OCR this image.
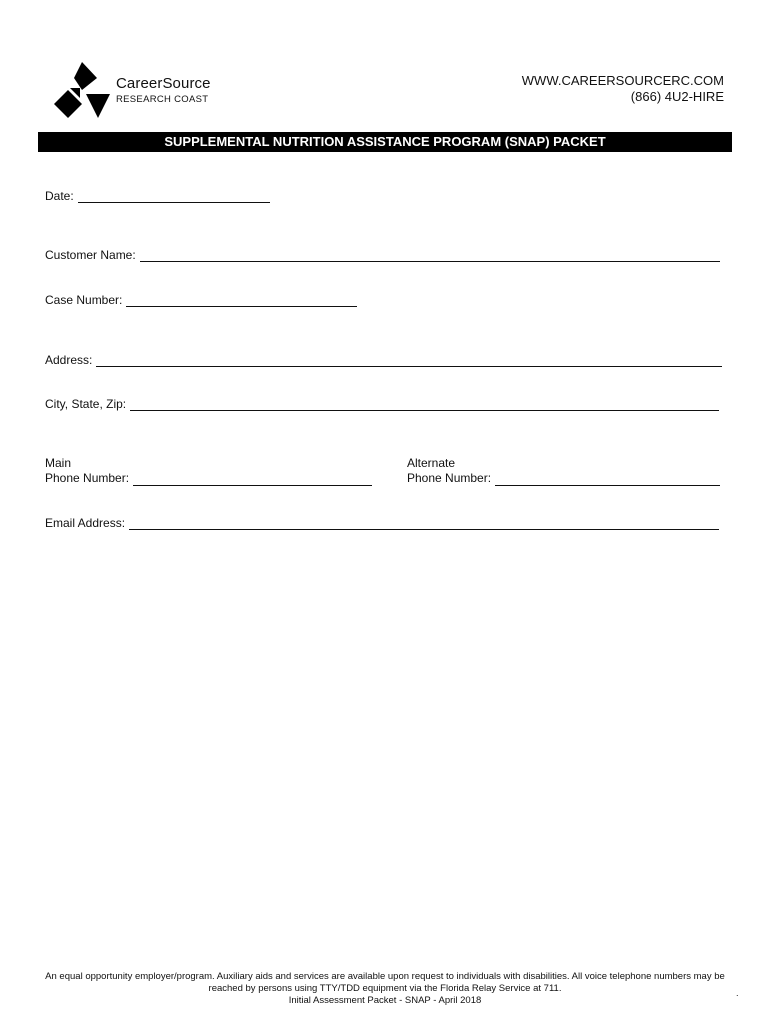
CareerSource
RESEARCH COAST
WWW.CAREERSOURCERC.COM
(866) 4U2-HIRE
SUPPLEMENTAL NUTRITION ASSISTANCE PROGRAM (SNAP) PACKET
Date:
Customer Name:
Case Number:
Address:
City, State, Zip:
Main
Phone Number:
Alternate
Phone Number:
Email Address:
An equal opportunity employer/program. Auxiliary aids and services are available upon request to individuals with disabilities. All voice telephone numbers may be
reached by persons using TTY/TDD equipment via the Florida Relay Service at 711.
Initial Assessment Packet - SNAP - April 2018
.
